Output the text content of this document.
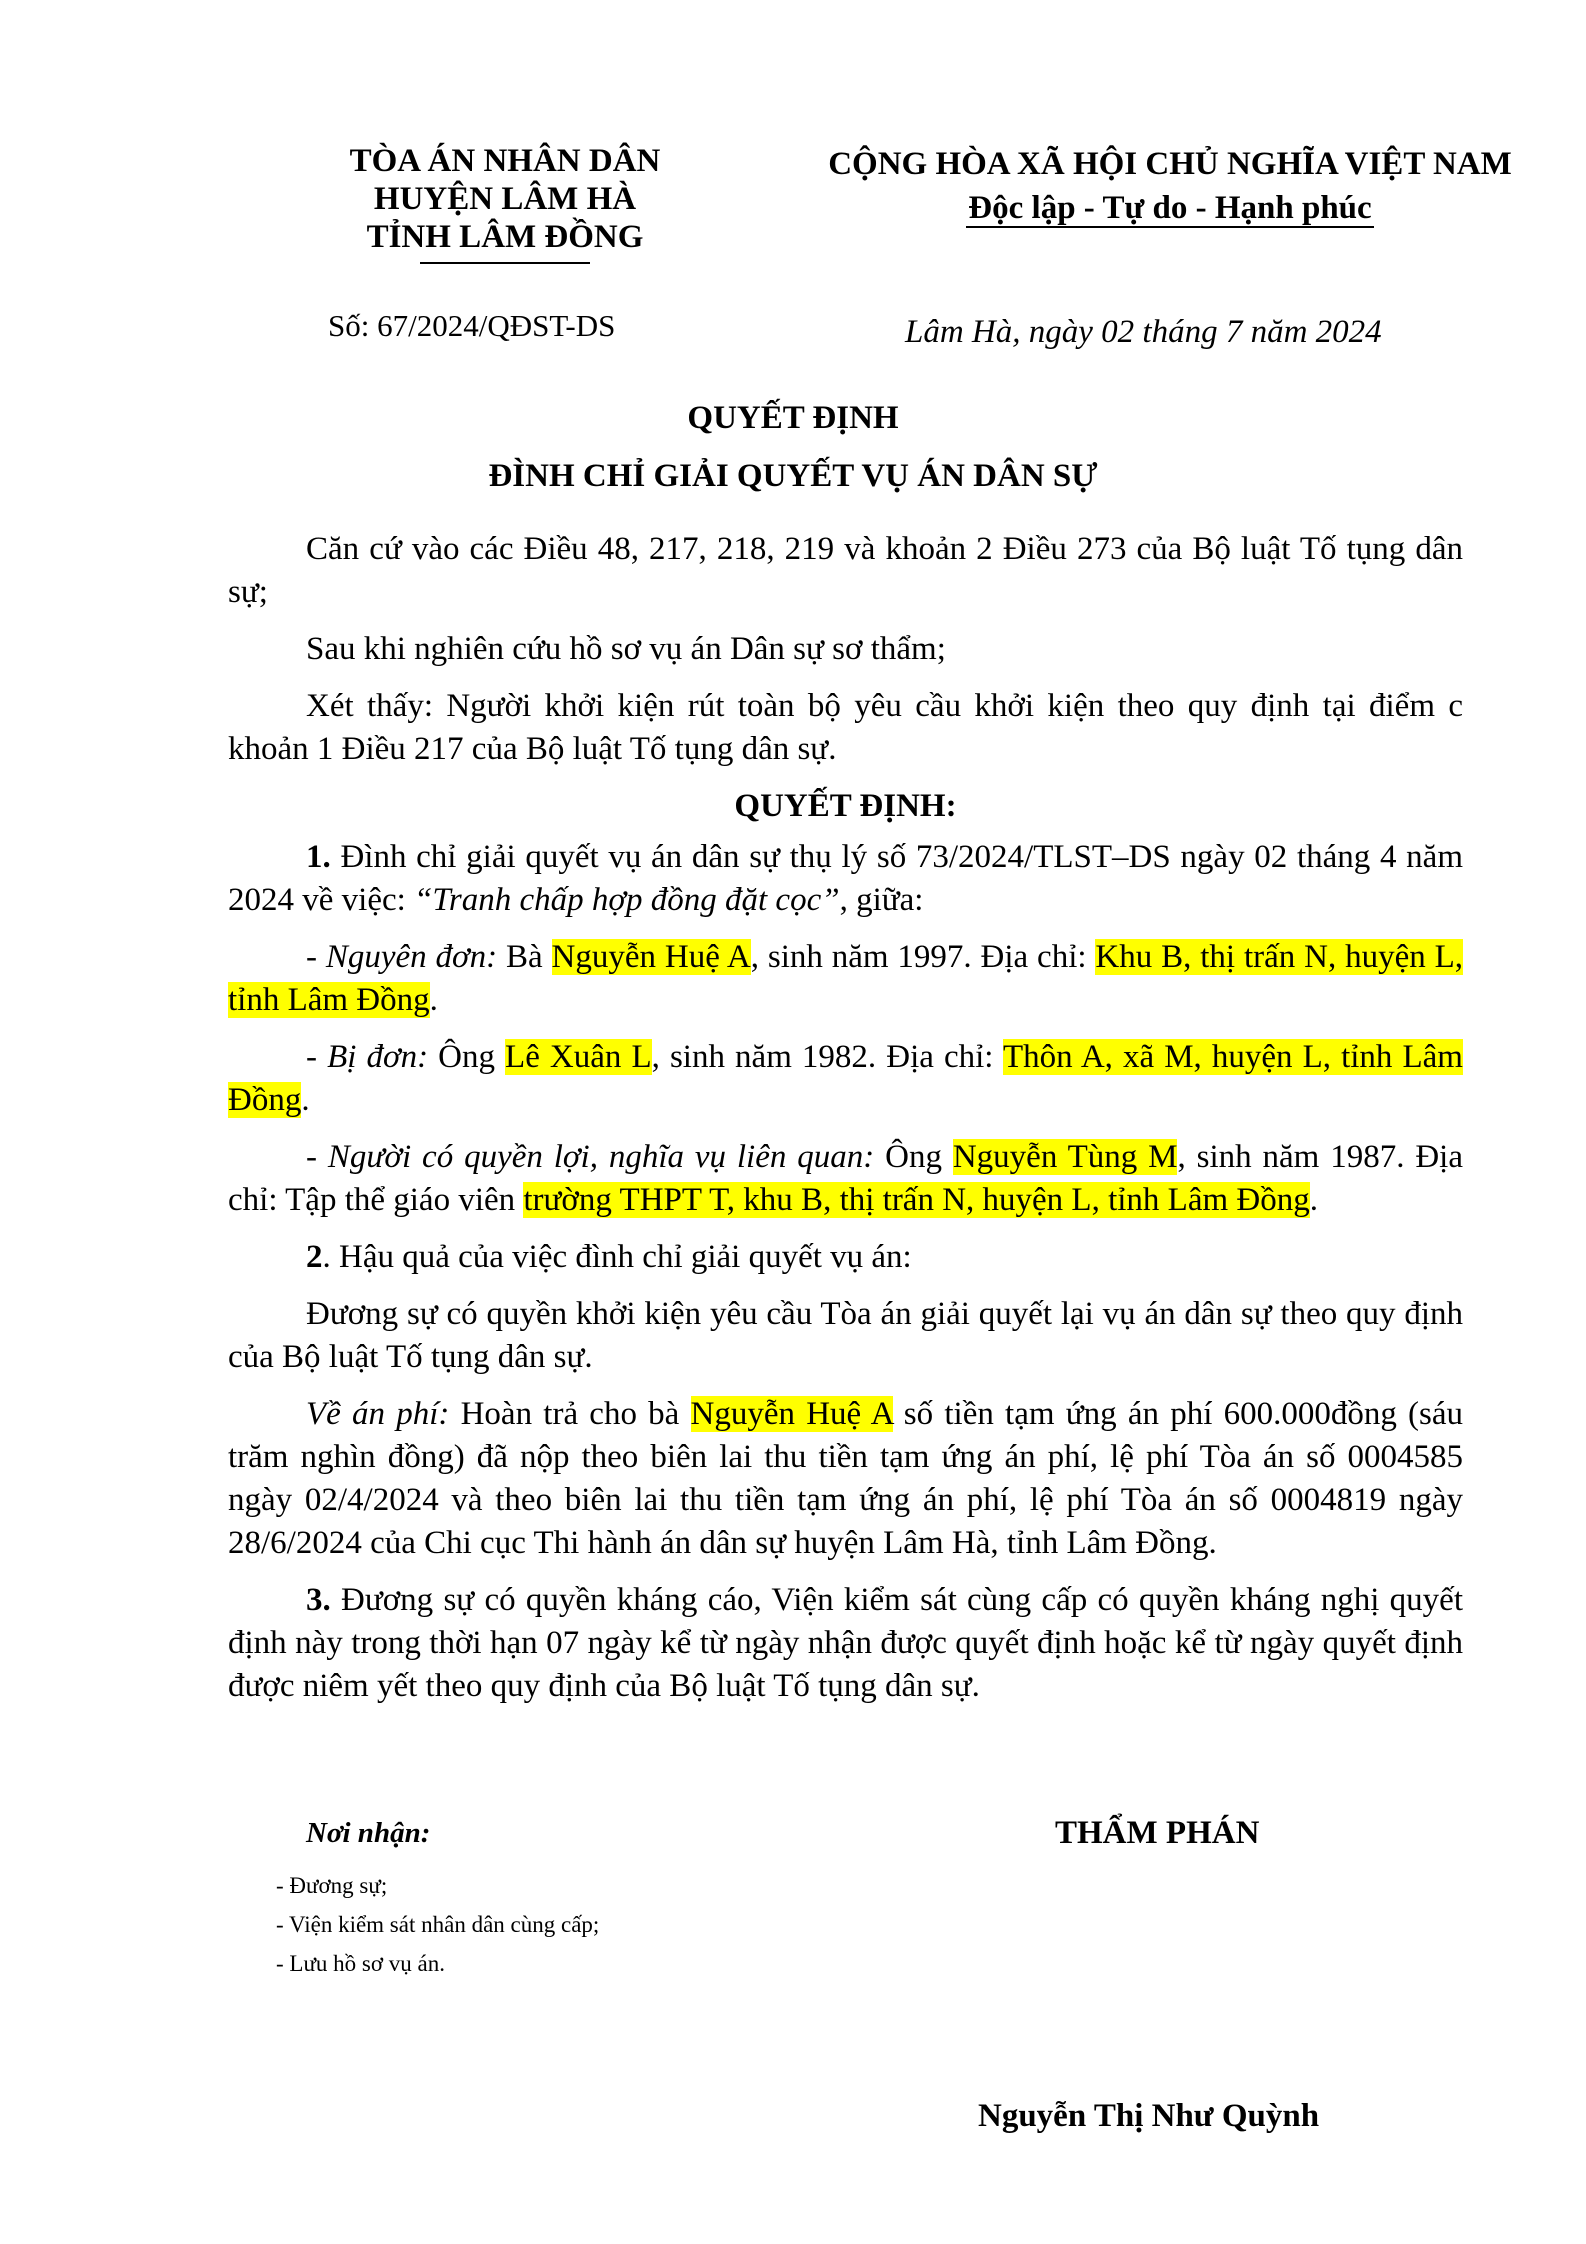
TÒA ÁN NHÂN DÂN
HUYỆN LÂM HÀ
TỈNH LÂM ĐỒNG
CỘNG HÒA XÃ HỘI CHỦ NGHĨA VIỆT NAM
Độc lập - Tự do - Hạnh phúc
Số: 67/2024/QĐST-DS	Lâm Hà, ngày 02 tháng 7 năm 2024
QUYẾT ĐỊNH
ĐÌNH CHỈ GIẢI QUYẾT VỤ ÁN DÂN SỰ

Căn cứ vào các Điều 48, 217, 218, 219 và khoản 2 Điều 273 của Bộ luật Tố tụng dân sự;

Sau khi nghiên cứu hồ sơ vụ án Dân sự sơ thẩm;

Xét thấy: Người khởi kiện rút toàn bộ yêu cầu khởi kiện theo quy định tại điểm c khoản 1 Điều 217 của Bộ luật Tố tụng dân sự.

QUYẾT ĐỊNH:

1. Đình chỉ giải quyết vụ án dân sự thụ lý số 73/2024/TLST–DS ngày 02 tháng 4 năm 2024 về việc: “Tranh chấp hợp đồng đặt cọc”, giữa:

- Nguyên đơn: Bà Nguyễn Huệ A, sinh năm 1997. Địa chỉ: Khu B, thị trấn N, huyện L, tỉnh Lâm Đồng.

- Bị đơn: Ông Lê Xuân L, sinh năm 1982. Địa chỉ: Thôn A, xã M, huyện L, tỉnh Lâm Đồng.

- Người có quyền lợi, nghĩa vụ liên quan: Ông Nguyễn Tùng M, sinh năm 1987. Địa chỉ: Tập thể giáo viên trường THPT T, khu B, thị trấn N, huyện L, tỉnh Lâm Đồng.

2. Hậu quả của việc đình chỉ giải quyết vụ án:

Đương sự có quyền khởi kiện yêu cầu Tòa án giải quyết lại vụ án dân sự theo quy định của Bộ luật Tố tụng dân sự.

Về án phí: Hoàn trả cho bà Nguyễn Huệ A số tiền tạm ứng án phí 600.000đồng (sáu trăm nghìn đồng) đã nộp theo biên lai thu tiền tạm ứng án phí, lệ phí Tòa án số 0004585 ngày 02/4/2024 và theo biên lai thu tiền tạm ứng án phí, lệ phí Tòa án số 0004819 ngày 28/6/2024 của Chi cục Thi hành án dân sự huyện Lâm Hà, tỉnh Lâm Đồng.

3. Đương sự có quyền kháng cáo, Viện kiểm sát cùng cấp có quyền kháng nghị quyết định này trong thời hạn 07 ngày kể từ ngày nhận được quyết định hoặc kể từ ngày quyết định được niêm yết theo quy định của Bộ luật Tố tụng dân sự.

Nơi nhận:
- Đương sự;
- Viện kiểm sát nhân dân cùng cấp;
- Lưu hồ sơ vụ án.
THẨM PHÁN
Nguyễn Thị Như Quỳnh
